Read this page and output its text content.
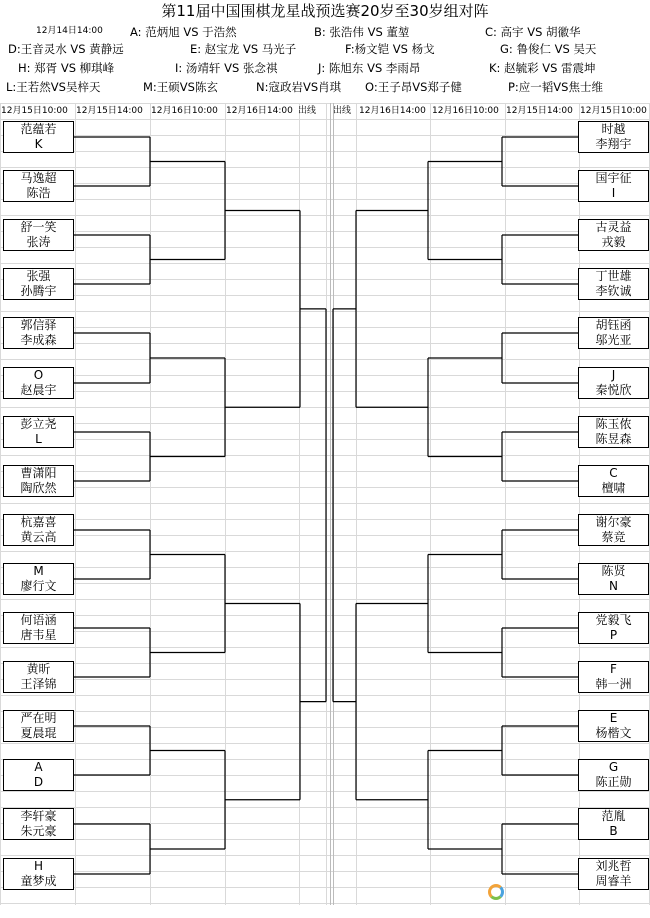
第11届中国围棋龙星战预选赛20岁至30岁组对阵
12月14日14:00 A: 范炳旭 VS 于浩然	B: 张浩伟 VS 董堃	C: 高宇 VS 胡徽华
D:王音灵水 VS 黄静远	E: 赵宝龙 VS 马光子	F:杨文铠 VS 杨戈	G: 鲁俊仁 VS 吴天
H: 郑胥 VS 柳琪峰	I: 汤靖轩 VS 张念祺	J: 陈旭东 VS 李雨昂	K: 赵毓彩 VS 雷震坤
L:王若然VS吴梓天	M:王硕VS陈玄	N:寇政岩VS肖琪 O:王子昂VS郑子健	P:应一韬VS焦士维
12月15日10:00 12月15日14:00 12月16日10:00 12月16日14:00 出线 出线 12月16日14:00 12月16日10:00 12月15日14:00 12月15日10:00
范蕴若
K
时越
李翔宇
马逸超
陈浩
国宇征
I
舒一笑
张涛
古灵益
戎毅
张强
孙腾宇
丁世雄
李钦诚
郭信驿
李成森
胡钰函
邬光亚
O
赵晨宇
J
秦悦欣
彭立尧
L
陈玉侬
陈昱森
曹潇阳
陶欣然
C
檀啸
杭嘉喜
黄云高
谢尔豪
蔡竞
M
廖行文
陈贤
N
何语涵
唐韦星
党毅飞
P
黄昕
王泽锦
F
韩一洲
严在明
夏晨琨
E
杨楷文
A
D
G
陈正勋
李轩豪
朱元豪
范胤
B
H
童梦成
刘兆哲
周睿羊
